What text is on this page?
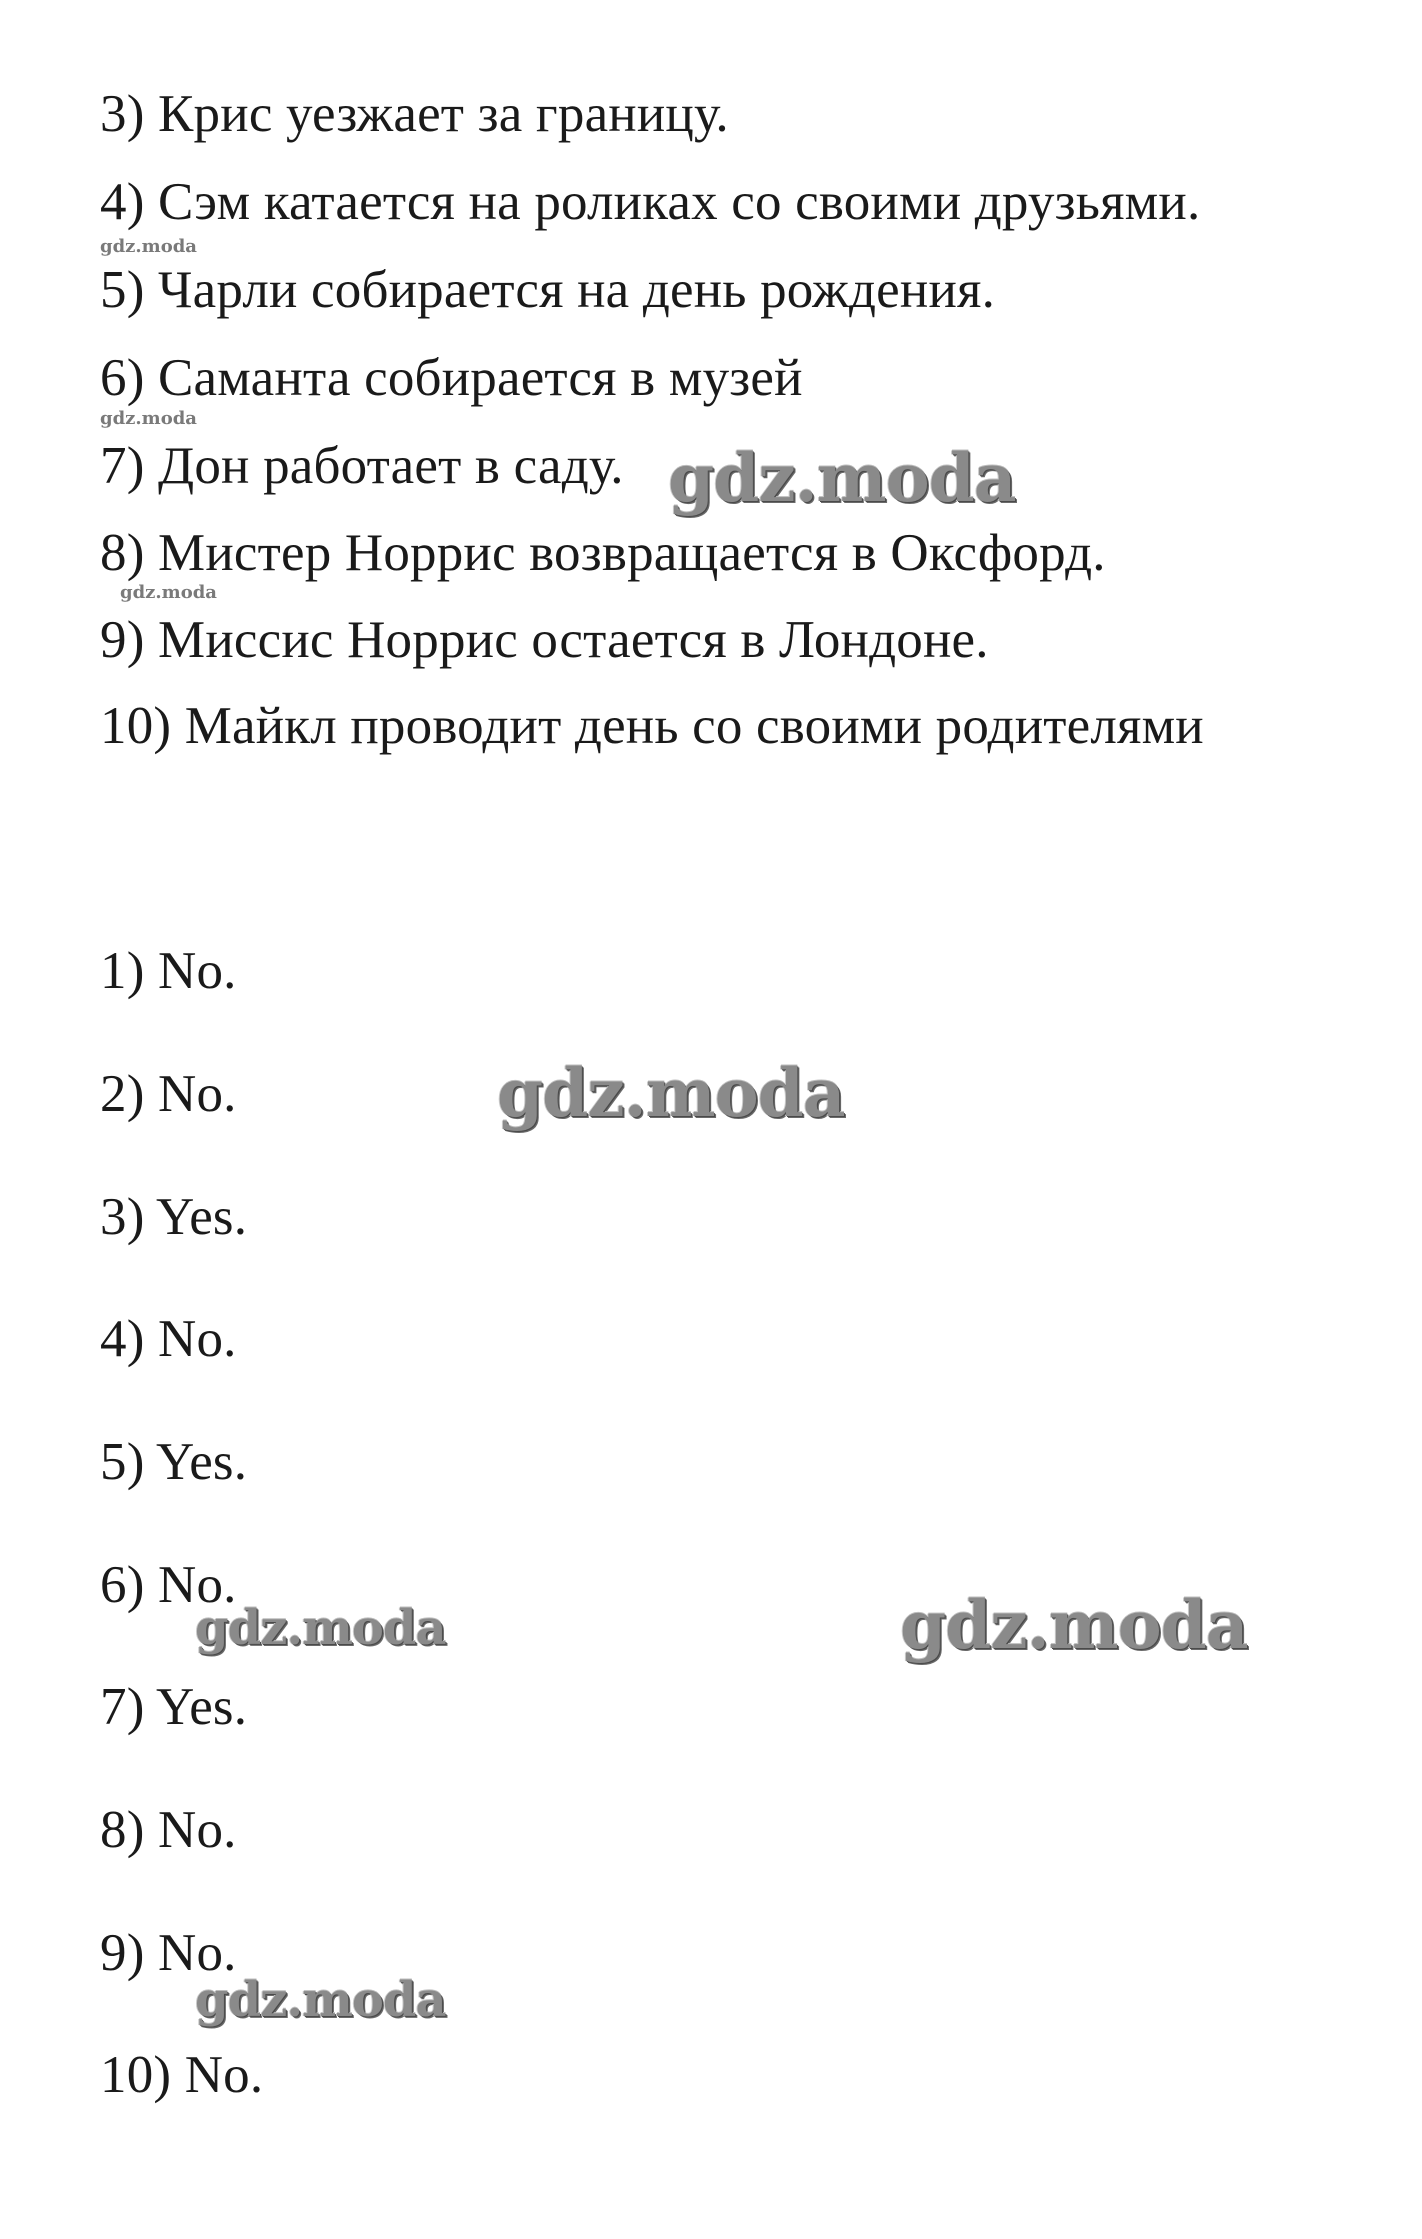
3) Крис уезжает за границу.
4) Сэм катается на роликах со своими друзьями.
5) Чарли собирается на день рождения.
6) Саманта собирается в музей
7) Дон работает в саду.
8) Мистер Норрис возвращается в Оксфорд.
9) Миссис Норрис остается в Лондоне.
10) Майкл проводит день со своими родителями
1) No.
2) No.
3) Yes.
4) No.
5) Yes.
6) No.
7) Yes.
8) No.
9) No.
10) No.
gdz.moda
gdz.moda
gdz.moda
gdz.moda
gdz.moda
gdz.moda	gdz.moda
gdz.moda
